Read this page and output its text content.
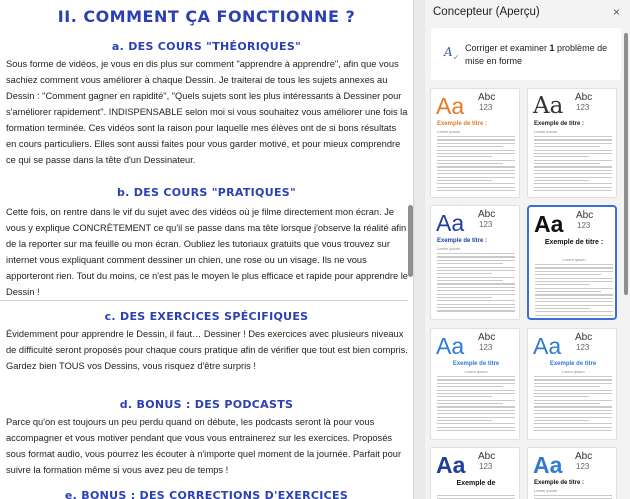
II. COMMENT ÇA FONCTIONNE ?
a. DES COURS "THÉORIQUES"

Sous forme de vidéos, je vous en dis plus sur comment "apprendre à apprendre", afin que vous sachiez comment vous améliorer à chaque Dessin. Je traiterai de tous les sujets annexes au Dessin : "Comment gagner en rapidité", "Quels sujets sont les plus intéressants à Dessiner pour s'améliorer rapidement". INDISPENSABLE selon moi si vous souhaitez vous améliorer une fois la formation terminée. Ces vidéos sont la raison pour laquelle mes élèves ont de si bons résultats en cours particuliers. Elles sont aussi faites pour vous garder motivé, et pour mieux comprendre ce qui se passe dans la tête d'un Dessinateur.

b. DES COURS "PRATIQUES"

Cette fois, on rentre dans le vif du sujet avec des vidéos où je filme directement mon écran. Je vous y explique CONCRÈTEMENT ce qu'il se passe dans ma tête lorsque j'observe la réalité afin de la reporter sur ma feuille ou mon écran. Oubliez les tutoriaux gratuits que vous trouvez sur internet vous expliquant comment dessiner un chien, une rose ou un visage. Ils ne vous apporteront rien. Tout du moins, ce n'est pas le moyen le plus efficace et rapide pour apprendre le Dessin !

c. DES EXERCICES SPÉCIFIQUES

Évidemment pour apprendre le Dessin, il faut… Dessiner ! Des exercices avec plusieurs niveaux de difficulté seront proposés pour chaque cours pratique afin de vérifier que tout est bien compris. Gardez bien TOUS vos Dessins, vous risquez d'être surpris !

d. BONUS : DES PODCASTS

Parce qu'on est toujours un peu perdu quand on débute, les podcasts seront là pour vous accompagner et vous motiver pendant que vous vous entrainerez sur les exercices. Proposés sous format audio, vous pourrez les écouter à n'importe quel moment de la journée. Parfait pour suivre la formation même si vous avez peu de temps !

e. BONUS : DES CORRECTIONS D'EXERCICES
Concepteur (Aperçu)	×
$A_✓$
Corriger et examiner 1 problème de mise en forme
Aa Abc
123
Exemple de titre :
Lorem ipsum
Aa Abc
123
Exemple de titre :
Lorem ipsum
Aa Abc
123
Exemple de titre :
Lorem ipsum
Aa Abc
123
Exemple de titre :
Lorem ipsum
Aa Abc
123
Exemple de titre
Lorem ipsum
Aa Abc
123
Exemple de titre
Lorem ipsum
Aa Abc
123
Exemple de
Aa Abc
123
Exemple de titre :
Lorem ipsum
